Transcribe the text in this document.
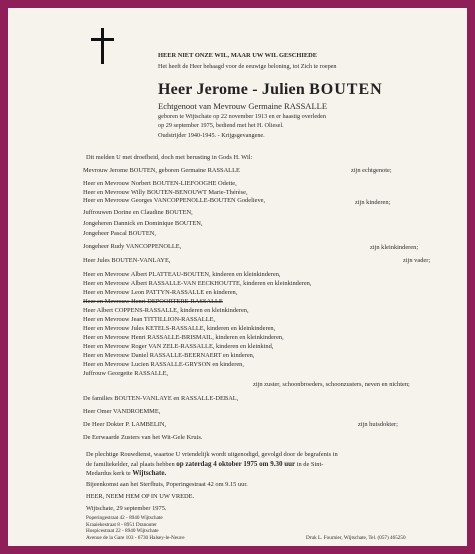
HEER NIET ONZE WIL, MAAR UW WIL GESCHIEDE
Het heeft de Heer behaagd voor de eeuwige beloning, tot Zich te roepen
Heer Jerome - Julien BOUTEN
Echtgenoot van Mevrouw Germaine RASSALLE
geboren te Wijtschate op 22 november 1913 en er haastig overleden
op 29 september 1975, bediend met het H. Oliesel.
Oudstrijder 1940-1945. - Krijgsgevangene.
Dit melden U met droefheid, doch met berusting in Gods H. Wil:
Mevrouw Jerome BOUTEN, geboren Germaine RASSALLE	zijn echtgenote;
Heer en Mevrouw Norbert BOUTEN-LIEFOOGHE Odette,
Heer en Mevrouw Willy BOUTEN-BENOUWT Marie-Thérèse,
Heer en Mevrouw Georges VANCOPPENOLLE-BOUTEN Godelieve,	zijn kinderen;
Juffrouwen Dorine en Claudine BOUTEN,
Jongeheren Dannick en Dominique BOUTEN,
Jongeheer Pascal BOUTEN,
Jongeheer Rudy VANCOPPENOLLE,	zijn kleinkinderen;
Heer Jules BOUTEN-VANLAYE,	zijn vader;
Heer en Mevrouw Albert PLATTEAU-BOUTEN, kinderen en kleinkinderen,
Heer en Mevrouw Albert RASSALLE-VAN EECKHOUTTE, kinderen en kleinkinderen,
Heer en Mevrouw Leon PATTYN-RASSALLE en kinderen,
Heer en Mevrouw Henri DEPOORTERE-RASSALLE
Heer Albert COPPENS-RASSALLE, kinderen en kleinkinderen,
Heer en Mevrouw Jean TITTILLION-RASSALLE,
Heer en Mevrouw Jules KETELS-RASSALLE, kinderen en kleinkinderen,
Heer en Mevrouw Henri RASSALLE-BRISMAIL, kinderen en kleinkinderen,
Heer en Mevrouw Roger VAN ZELE-RASSALLE, kinderen en kleinkind,
Heer en Mevrouw Daniel RASSALLE-BEERNAERT en kinderen,
Heer en Mevrouw Lucien RASSALLE-GRYSON en kinderen,
Juffrouw Georgette RASSALLE,
zijn zuster, schoonbroeders, schoonzusters, neven en nichten;
De families BOUTEN-VANLAYE en RASSALLE-DEBAL,
Heer Omer VANDROEMME,
De Heer Dokter P. LAMBELIN,	zijn huisdokter;
De Eerwaarde Zusters van het Wit-Gele Kruis.
De plechtige Rouwdienst, waartoe U vriendelijk wordt uitgenodigd, gevolgd door de begrafenis in
de familiekelder, zal plaats hebben op zaterdag 4 oktober 1975 om 9.30 uur in de Sint-
Medardus kerk te Wijtschate.
Bijeenkomst aan het Sterfhuis, Poperingestraat 42 om 9.15 uur.
HEER, NEEM HEM OP IN UW VREDE.
Wijtschate, 29 september 1975.
Poperingestraat 42 - 8940 Wijtschate
Kraaiekestraat 8 - 8951 Dranouter
Hospicestraat 22 - 8940 Wijtschate
Avenue de la Gare 103 - 6730 Halsey-le-Neuve	Druk L. Fournier, Wijtschate, Tel. (057) 465250
